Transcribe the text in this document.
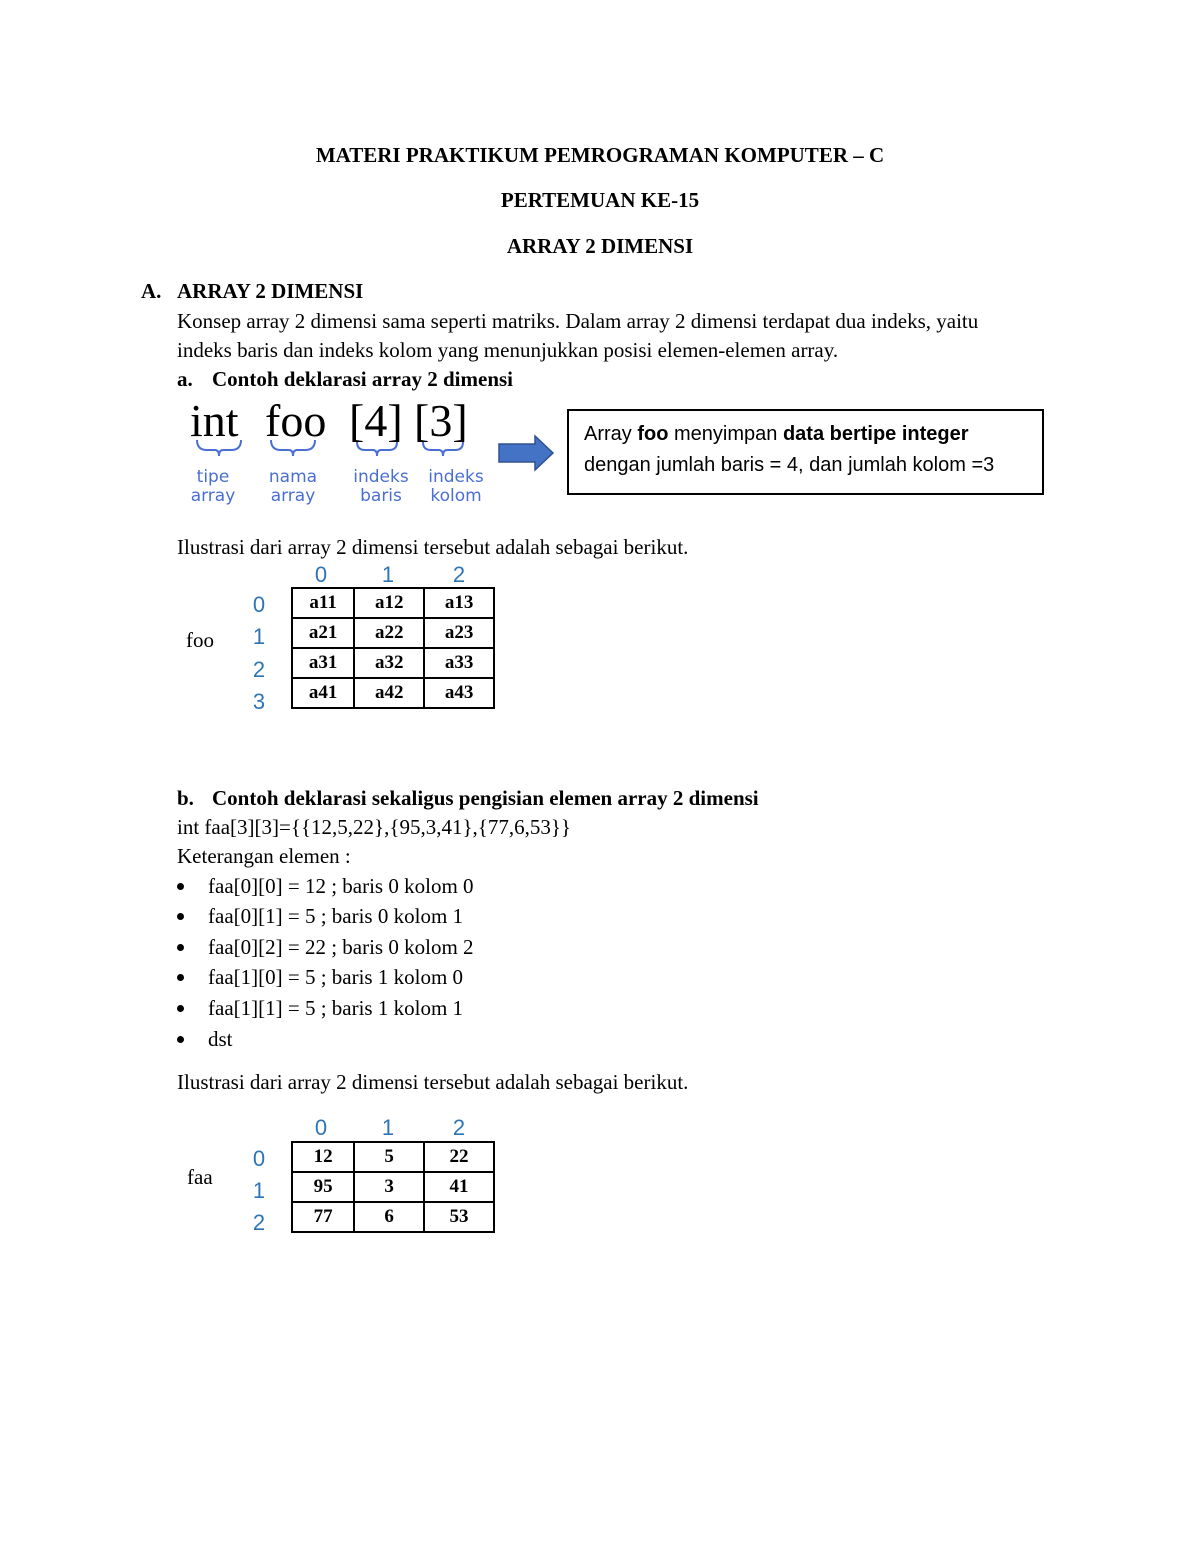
MATERI PRAKTIKUM PEMROGRAMAN KOMPUTER – C
PERTEMUAN KE-15
ARRAY 2 DIMENSI
A. ARRAY 2 DIMENSI
Konsep array 2 dimensi sama seperti matriks. Dalam array 2 dimensi terdapat dua indeks, yaitu
indeks baris dan indeks kolom yang menunjukkan posisi elemen-elemen array.
a. Contoh deklarasi array 2 dimensi
int foo [4] [3]
tipe
array
nama
array
indeks
baris
indeks
kolom
Array foo menyimpan data bertipe integer
dengan jumlah baris = 4, dan jumlah kolom =3
Ilustrasi dari array 2 dimensi tersebut adalah sebagai berikut.
0	1	2
foo
0
1
2
3
a11	a12	a13
a21	a22	a23
a31	a32	a33
a41	a42	a43
b. Contoh deklarasi sekaligus pengisian elemen array 2 dimensi
int faa[3][3]={{12,5,22},{95,3,41},{77,6,53}}
Keterangan elemen :
faa[0][0] = 12 ; baris 0 kolom 0
faa[0][1] = 5 ; baris 0 kolom 1
faa[0][2] = 22 ; baris 0 kolom 2
faa[1][0] = 5 ; baris 1 kolom 0
faa[1][1] = 5 ; baris 1 kolom 1
dst
Ilustrasi dari array 2 dimensi tersebut adalah sebagai berikut.
0	1	2
faa
0
1
2
12	5	22
95	3	41
77	6	53
